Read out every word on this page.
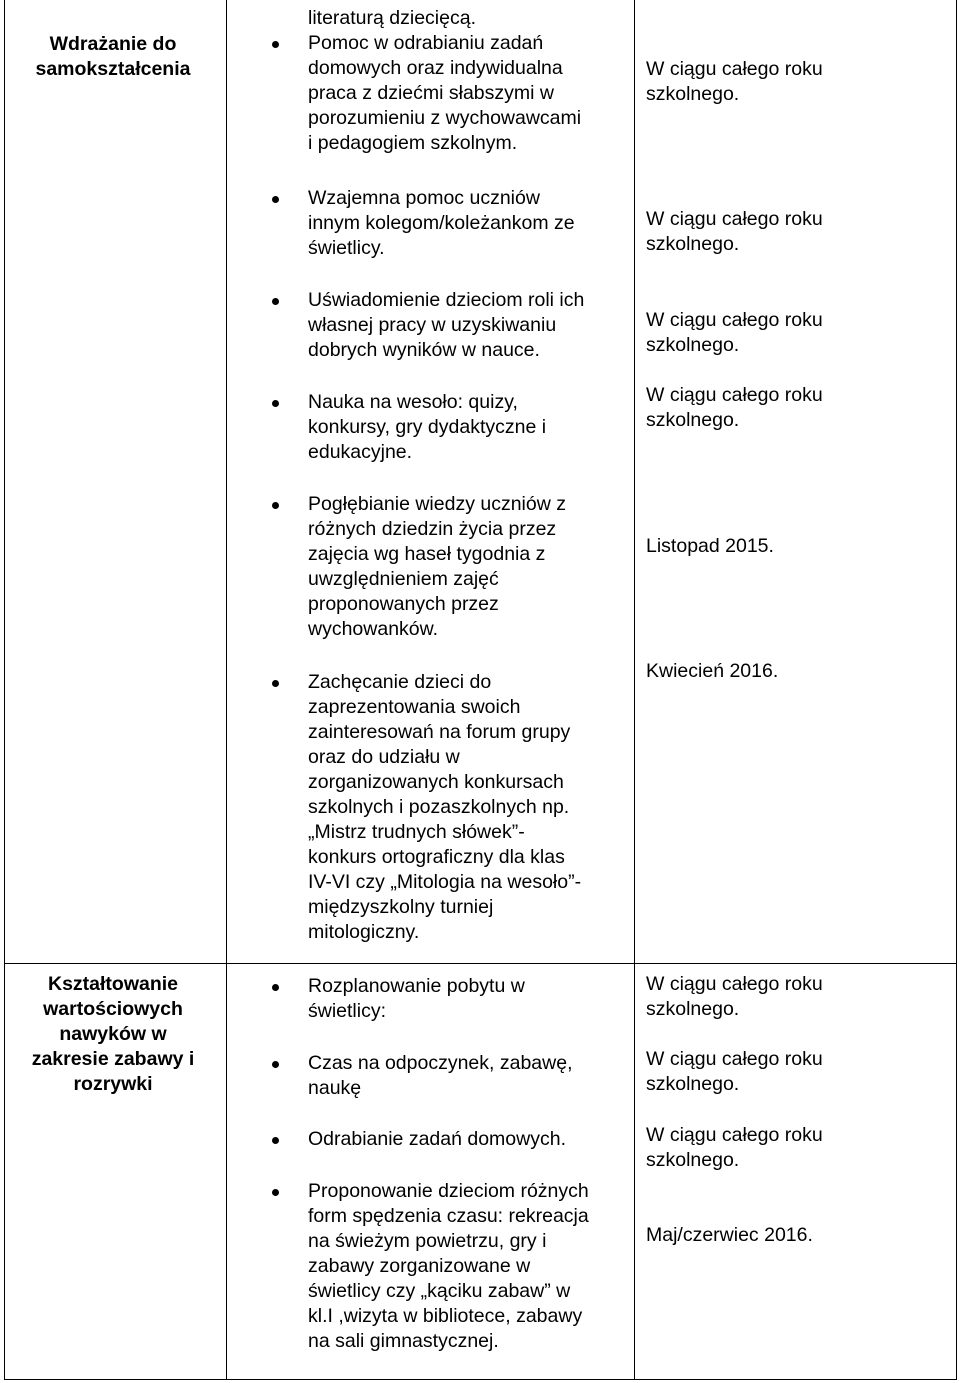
Wdrażanie do
samokształcenia
literaturą dziecięcą.
Pomoc w odrabianiu zadań
domowych oraz indywidualna
praca z dziećmi słabszymi w
porozumieniu z wychowawcami
i pedagogiem szkolnym.
Wzajemna pomoc uczniów
innym kolegom/koleżankom ze
świetlicy.
Uświadomienie dzieciom roli ich
własnej pracy w uzyskiwaniu
dobrych wyników w nauce.
Nauka na wesoło: quizy,
konkursy, gry dydaktyczne i
edukacyjne.
Pogłębianie wiedzy uczniów z
różnych dziedzin życia przez
zajęcia wg haseł tygodnia z
uwzględnieniem zajęć
proponowanych przez
wychowanków.
Zachęcanie dzieci do
zaprezentowania swoich
zainteresowań na forum grupy
oraz do udziału w
zorganizowanych konkursach
szkolnych i pozaszkolnych np.
„Mistrz trudnych słówek”-
konkurs ortograficzny dla klas
IV-VI czy „Mitologia na wesoło”-
międzyszkolny turniej
mitologiczny.
W ciągu całego roku
szkolnego.
W ciągu całego roku
szkolnego.
W ciągu całego roku
szkolnego.
W ciągu całego roku
szkolnego.
Listopad 2015.
Kwiecień 2016.
Kształtowanie
wartościowych
nawyków w
zakresie zabawy i
rozrywki
Rozplanowanie pobytu w
świetlicy:
Czas na odpoczynek, zabawę,
naukę
Odrabianie zadań domowych.
Proponowanie dzieciom różnych
form spędzenia czasu: rekreacja
na świeżym powietrzu, gry i
zabawy zorganizowane w
świetlicy czy „kąciku zabaw” w
kl.I ,wizyta w bibliotece, zabawy
na sali gimnastycznej.
W ciągu całego roku
szkolnego.
W ciągu całego roku
szkolnego.
W ciągu całego roku
szkolnego.
Maj/czerwiec 2016.
